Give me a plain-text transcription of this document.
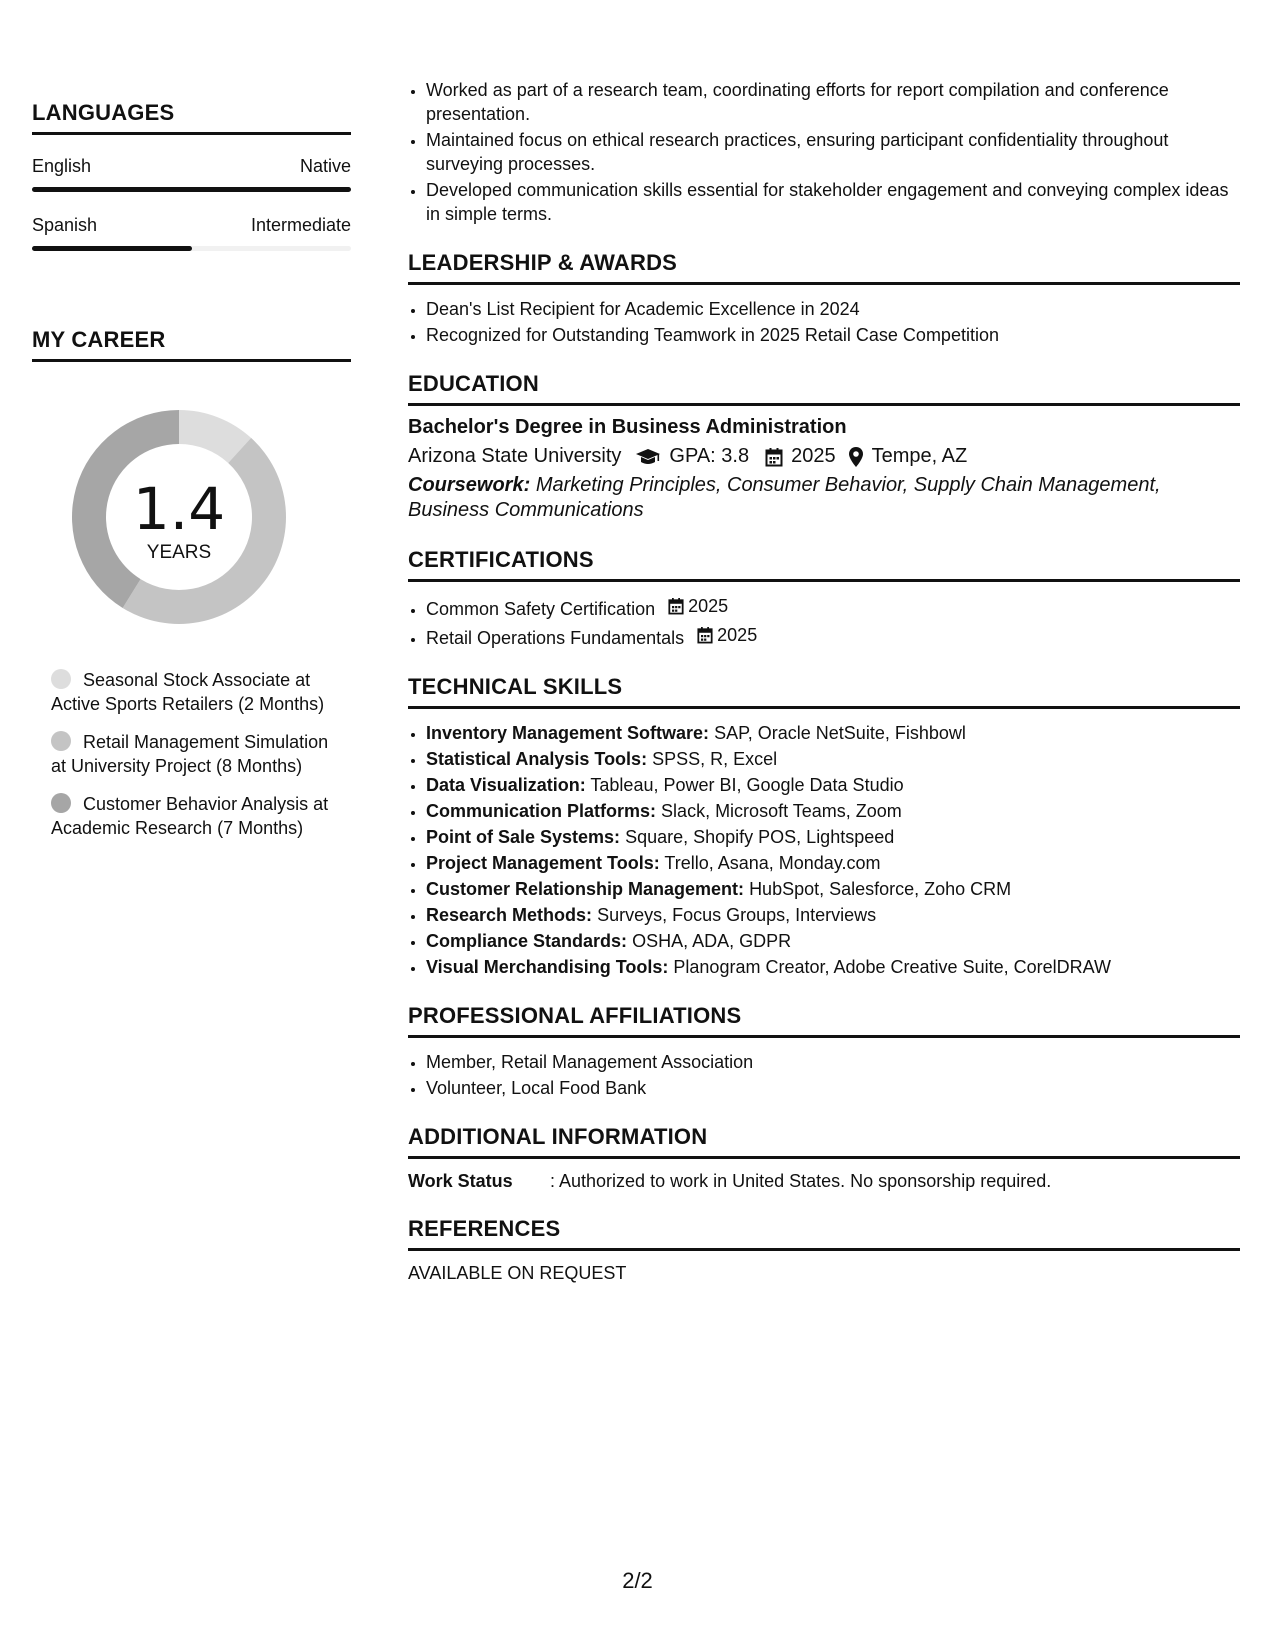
LANGUAGES
English	Native
Spanish	Intermediate
MY CAREER
1.4
YEARS
Seasonal Stock Associate at Active Sports Retailers (2 Months)
Retail Management Simulation at University Project (8 Months)
Customer Behavior Analysis at Academic Research (7 Months)
• Worked as part of a research team, coordinating efforts for report compilation and conference presentation.
• Maintained focus on ethical research practices, ensuring participant confidentiality throughout surveying processes.
• Developed communication skills essential for stakeholder engagement and conveying complex ideas in simple terms.
LEADERSHIP & AWARDS
• Dean's List Recipient for Academic Excellence in 2024
• Recognized for Outstanding Teamwork in 2025 Retail Case Competition
EDUCATION
Bachelor's Degree in Business Administration
Arizona State University GPA: 3.8 2025 Tempe, AZ
Coursework: Marketing Principles, Consumer Behavior, Supply Chain Management, Business Communications
CERTIFICATIONS
• Common Safety Certification 2025
• Retail Operations Fundamentals 2025
TECHNICAL SKILLS
• Inventory Management Software: SAP, Oracle NetSuite, Fishbowl
• Statistical Analysis Tools: SPSS, R, Excel
• Data Visualization: Tableau, Power BI, Google Data Studio
• Communication Platforms: Slack, Microsoft Teams, Zoom
• Point of Sale Systems: Square, Shopify POS, Lightspeed
• Project Management Tools: Trello, Asana, Monday.com
• Customer Relationship Management: HubSpot, Salesforce, Zoho CRM
• Research Methods: Surveys, Focus Groups, Interviews
• Compliance Standards: OSHA, ADA, GDPR
• Visual Merchandising Tools: Planogram Creator, Adobe Creative Suite, CorelDRAW
PROFESSIONAL AFFILIATIONS
• Member, Retail Management Association
• Volunteer, Local Food Bank
ADDITIONAL INFORMATION
Work Status	: Authorized to work in United States. No sponsorship required.
REFERENCES
AVAILABLE ON REQUEST
2/2
